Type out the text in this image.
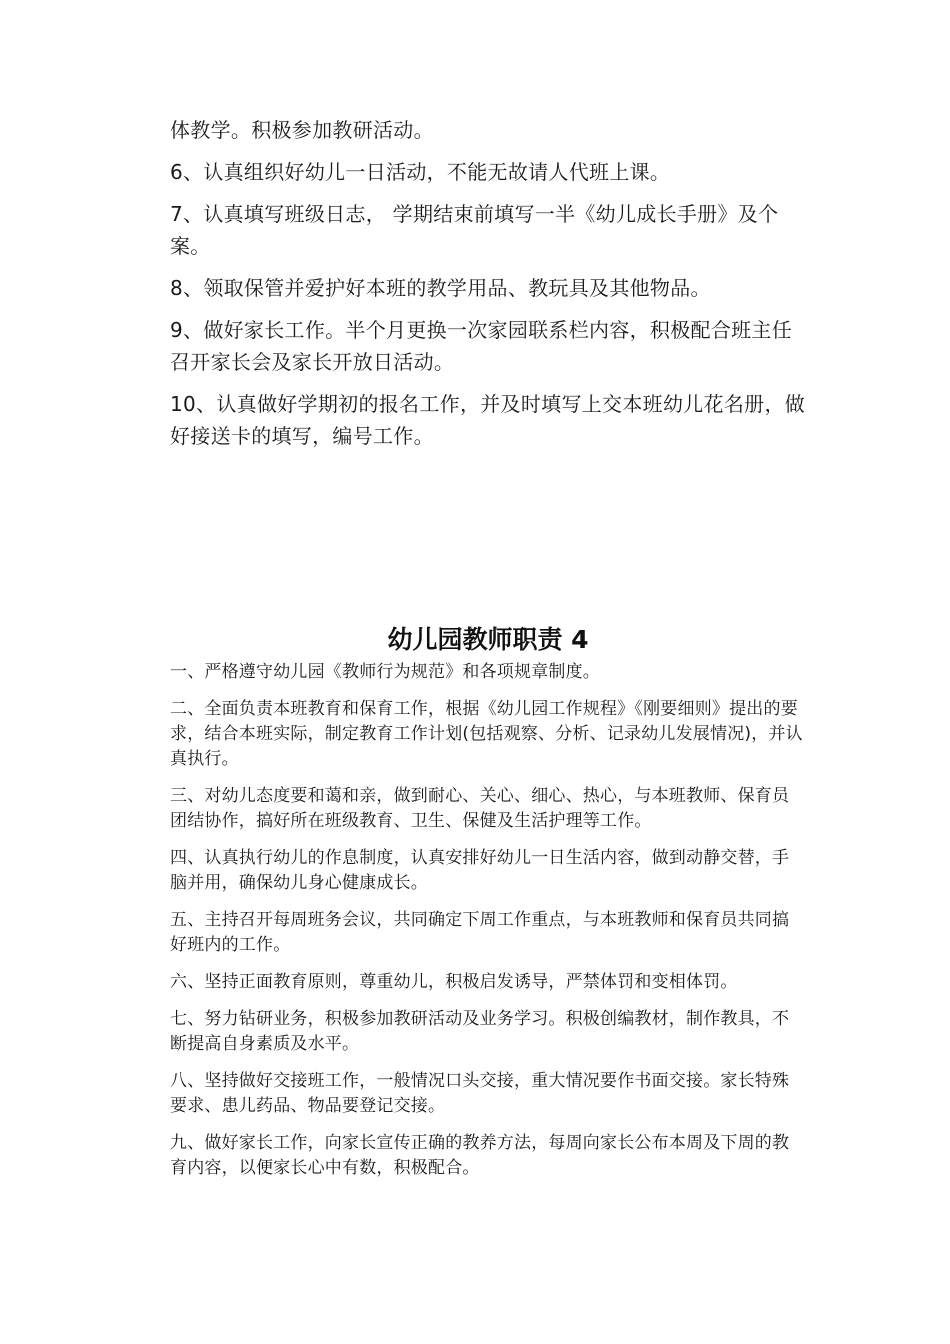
体教学。积极参加教研活动。

6、认真组织好幼儿一日活动，不能无故请人代班上课。

7、认真填写班级日志， 学期结束前填写一半《幼儿成长手册》及个案。

8、领取保管并爱护好本班的教学用品、教玩具及其他物品。

9、做好家长工作。半个月更换一次家园联系栏内容，积极配合班主任召开家长会及家长开放日活动。

10、认真做好学期初的报名工作，并及时填写上交本班幼儿花名册，做好接送卡的填写，编号工作。

幼儿园教师职责 4

一、严格遵守幼儿园《教师行为规范》和各项规章制度。

二、全面负责本班教育和保育工作，根据《幼儿园工作规程》《刚要细则》提出的要求，结合本班实际，制定教育工作计划(包括观察、分析、记录幼儿发展情况)，并认真执行。

三、对幼儿态度要和蔼和亲，做到耐心、关心、细心、热心，与本班教师、保育员团结协作，搞好所在班级教育、卫生、保健及生活护理等工作。

四、认真执行幼儿的作息制度，认真安排好幼儿一日生活内容，做到动静交替，手脑并用，确保幼儿身心健康成长。

五、主持召开每周班务会议，共同确定下周工作重点，与本班教师和保育员共同搞好班内的工作。

六、坚持正面教育原则，尊重幼儿，积极启发诱导，严禁体罚和变相体罚。

七、努力钻研业务，积极参加教研活动及业务学习。积极创编教材，制作教具，不断提高自身素质及水平。

八、坚持做好交接班工作，一般情况口头交接，重大情况要作书面交接。家长特殊要求、患儿药品、物品要登记交接。

九、做好家长工作，向家长宣传正确的教养方法，每周向家长公布本周及下周的教育内容，以便家长心中有数，积极配合。
